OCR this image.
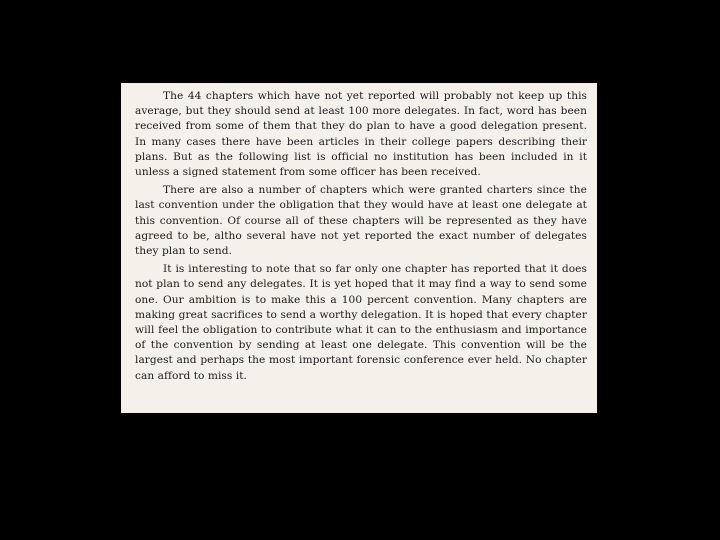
The 44 chapters which have not yet reported will probably not keep up this average, but they should send at least 100 more delegates. In fact, word has been received from some of them that they do plan to have a good delegation present. In many cases there have been articles in their college papers describing their plans. But as the following list is official no institution has been included in it unless a signed statement from some officer has been received.

There are also a number of chapters which were granted charters since the last convention under the obligation that they would have at least one delegate at this convention. Of course all of these chapters will be represented as they have agreed to be, altho several have not yet reported the exact number of delegates they plan to send.

It is interesting to note that so far only one chapter has reported that it does not plan to send any delegates. It is yet hoped that it may find a way to send some one. Our ambition is to make this a 100 percent convention. Many chapters are making great sacrifices to send a worthy delegation. It is hoped that every chapter will feel the obligation to contribute what it can to the enthusiasm and importance of the convention by sending at least one delegate. This convention will be the largest and perhaps the most important forensic conference ever held. No chapter can afford to miss it.
